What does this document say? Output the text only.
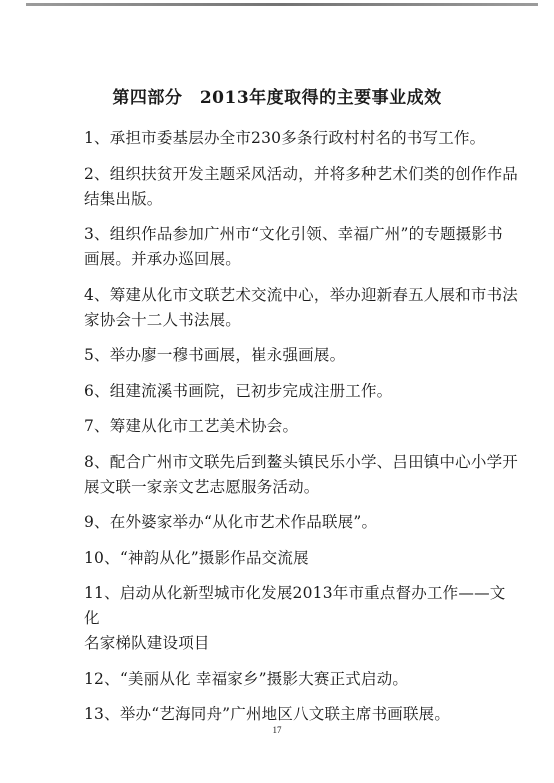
第四部分　2013年度取得的主要事业成效
1、承担市委基层办全市230多条行政村村名的书写工作。
2、组织扶贫开发主题采风活动，并将多种艺术们类的创作作品
结集出版。
3、组织作品参加广州市“文化引领、幸福广州”的专题摄影书
画展。并承办巡回展。
4、筹建从化市文联艺术交流中心，举办迎新春五人展和市书法
家协会十二人书法展。
5、举办廖一穆书画展，崔永强画展。
6、组建流溪书画院，已初步完成注册工作。
7、筹建从化市工艺美术协会。
8、配合广州市文联先后到鳌头镇民乐小学、吕田镇中心小学开
展文联一家亲文艺志愿服务活动。
9、在外婆家举办“从化市艺术作品联展”。
10、“神韵从化”摄影作品交流展
11、启动从化新型城市化发展2013年市重点督办工作——文化
名家梯队建设项目
12、“美丽从化 幸福家乡”摄影大赛正式启动。
13、举办“艺海同舟”广州地区八文联主席书画联展。
17
